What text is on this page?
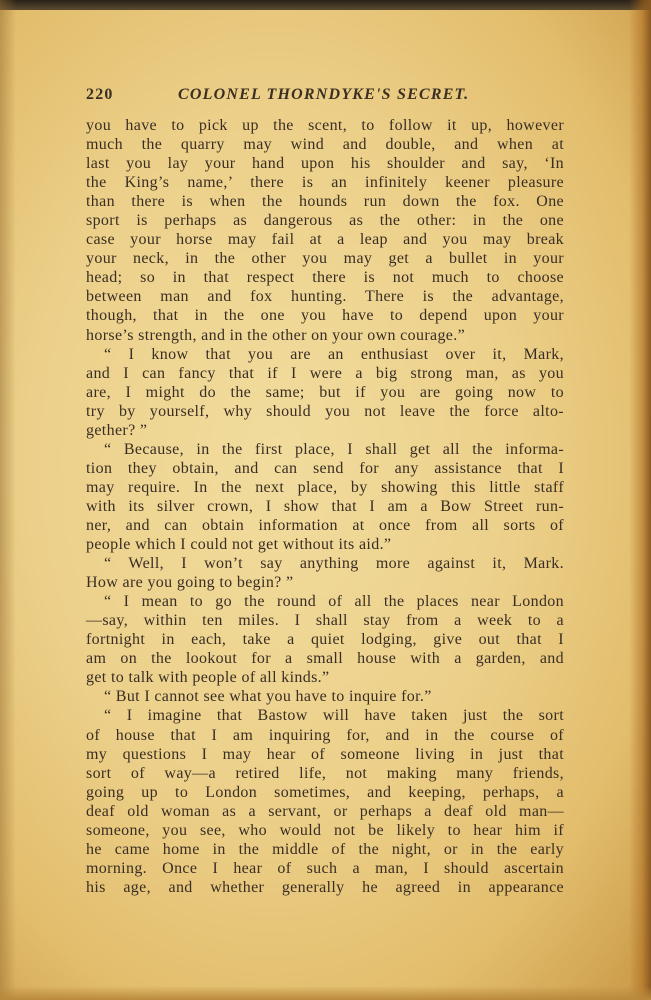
220	COLONEL THORNDYKE'S SECRET.

you have to pick up the scent, to follow it up, however

much the quarry may wind and double, and when at

last you lay your hand upon his shoulder and say, ‘In

the King’s name,’ there is an infinitely keener pleasure

than there is when the hounds run down the fox. One

sport is perhaps as dangerous as the other: in the one

case your horse may fail at a leap and you may break

your neck, in the other you may get a bullet in your

head; so in that respect there is not much to choose

between man and fox hunting. There is the advantage,

though, that in the one you have to depend upon your

horse’s strength, and in the other on your own courage.”

“ I know that you are an enthusiast over it, Mark,

and I can fancy that if I were a big strong man, as you

are, I might do the same; but if you are going now to

try by yourself, why should you not leave the force alto-

gether? ”

“ Because, in the first place, I shall get all the informa-

tion they obtain, and can send for any assistance that I

may require. In the next place, by showing this little staff

with its silver crown, I show that I am a Bow Street run-

ner, and can obtain information at once from all sorts of

people which I could not get without its aid.”

“ Well, I won’t say anything more against it, Mark.

How are you going to begin? ”

“ I mean to go the round of all the places near London

—say, within ten miles. I shall stay from a week to a

fortnight in each, take a quiet lodging, give out that I

am on the lookout for a small house with a garden, and

get to talk with people of all kinds.”

“ But I cannot see what you have to inquire for.”

“ I imagine that Bastow will have taken just the sort

of house that I am inquiring for, and in the course of

my questions I may hear of someone living in just that

sort of way—a retired life, not making many friends,

going up to London sometimes, and keeping, perhaps, a

deaf old woman as a servant, or perhaps a deaf old man—

someone, you see, who would not be likely to hear him if

he came home in the middle of the night, or in the early

morning. Once I hear of such a man, I should ascertain

his age, and whether generally he agreed in appearance
